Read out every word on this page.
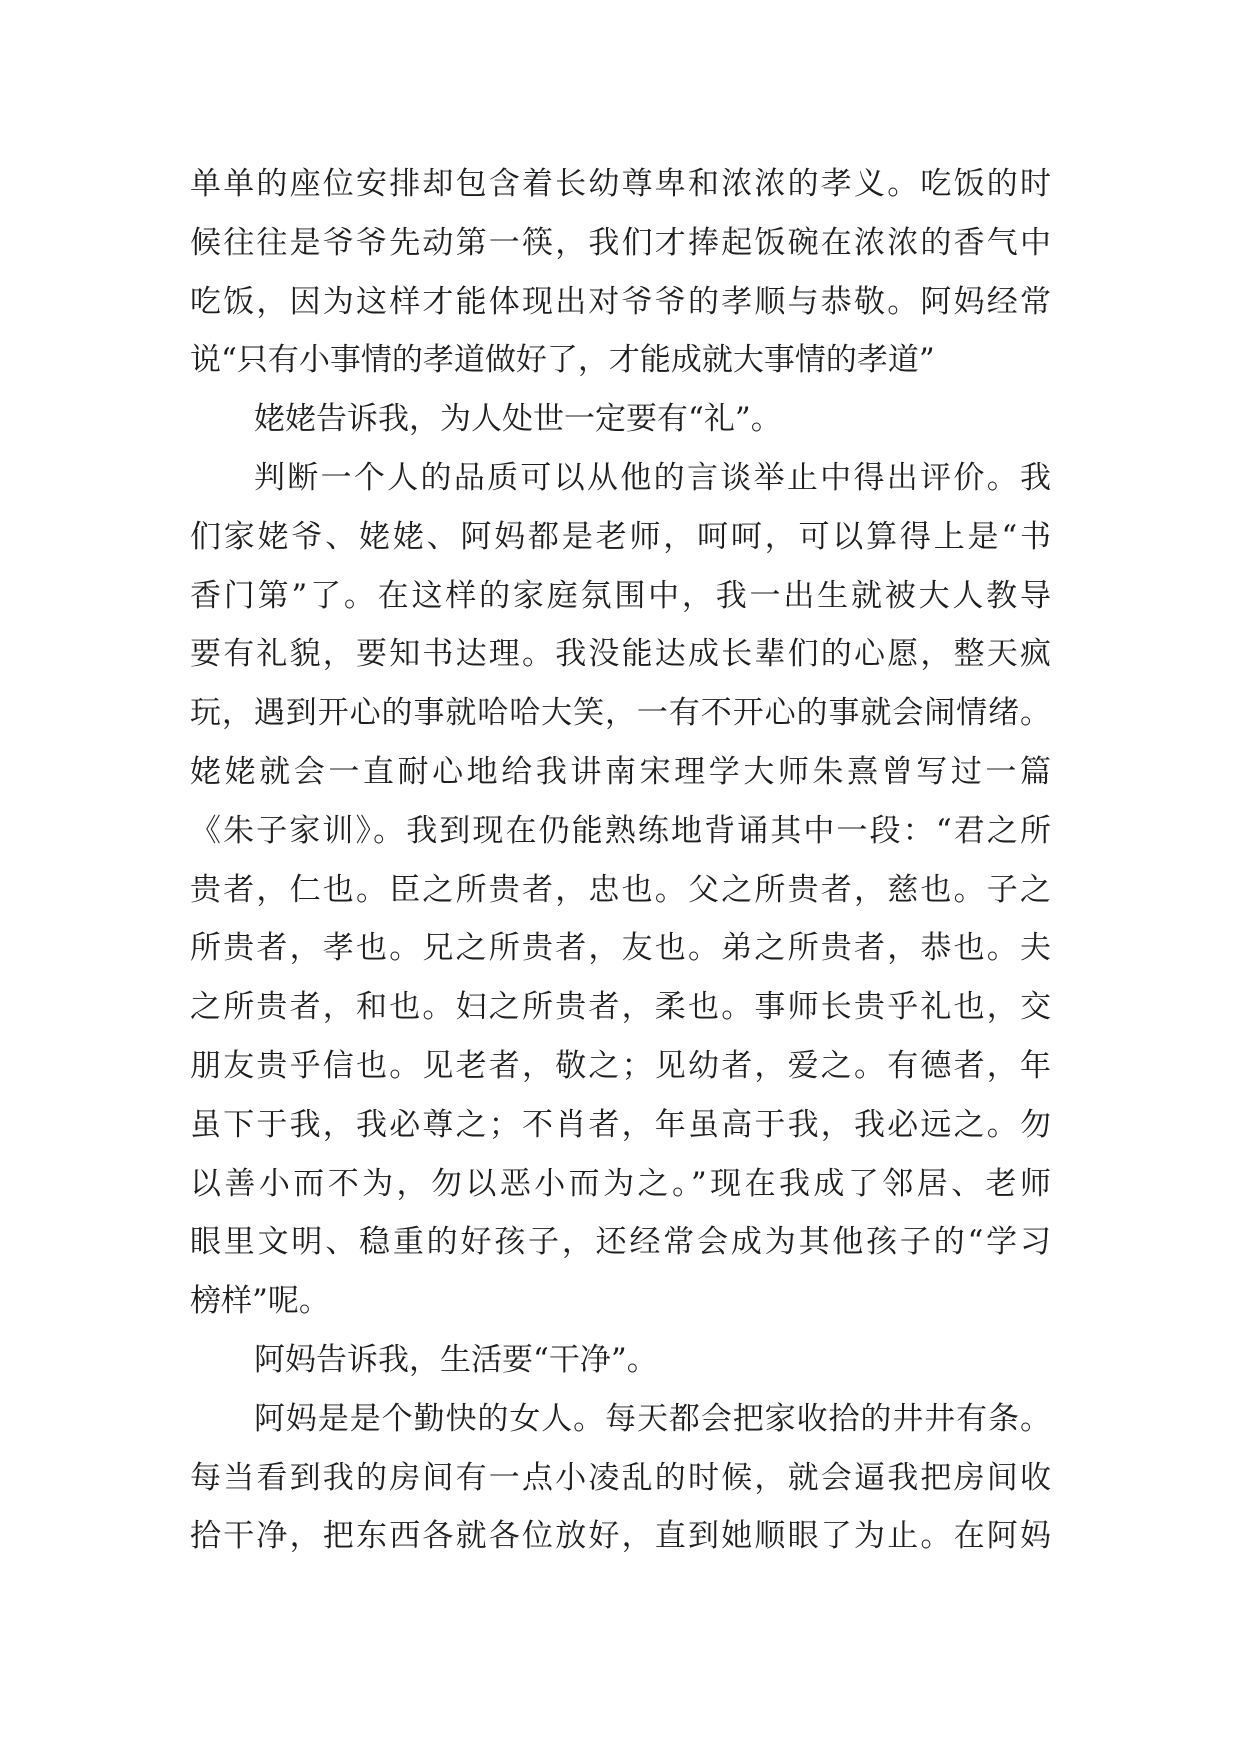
单单的座位安排却包含着长幼尊卑和浓浓的孝义。吃饭的时
候往往是爷爷先动第一筷，我们才捧起饭碗在浓浓的香气中
吃饭，因为这样才能体现出对爷爷的孝顺与恭敬。阿妈经常
说“只有小事情的孝道做好了，才能成就大事情的孝道”
姥姥告诉我，为人处世一定要有“礼”。
判断一个人的品质可以从他的言谈举止中得出评价。我
们家姥爷、姥姥、阿妈都是老师，呵呵，可以算得上是“书
香门第”了。在这样的家庭氛围中，我一出生就被大人教导
要有礼貌，要知书达理。我没能达成长辈们的心愿，整天疯
玩，遇到开心的事就哈哈大笑，一有不开心的事就会闹情绪。
姥姥就会一直耐心地给我讲南宋理学大师朱熹曾写过一篇
《朱子家训》。我到现在仍能熟练地背诵其中一段：“君之所
贵者，仁也。臣之所贵者，忠也。父之所贵者，慈也。子之
所贵者，孝也。兄之所贵者，友也。弟之所贵者，恭也。夫
之所贵者，和也。妇之所贵者，柔也。事师长贵乎礼也，交
朋友贵乎信也。见老者，敬之；见幼者，爱之。有德者，年
虽下于我，我必尊之；不肖者，年虽高于我，我必远之。勿
以善小而不为，勿以恶小而为之。”现在我成了邻居、老师
眼里文明、稳重的好孩子，还经常会成为其他孩子的“学习
榜样”呢。
阿妈告诉我，生活要“干净”。
阿妈是是个勤快的女人。每天都会把家收拾的井井有条。
每当看到我的房间有一点小凌乱的时候，就会逼我把房间收
拾干净，把东西各就各位放好，直到她顺眼了为止。在阿妈
